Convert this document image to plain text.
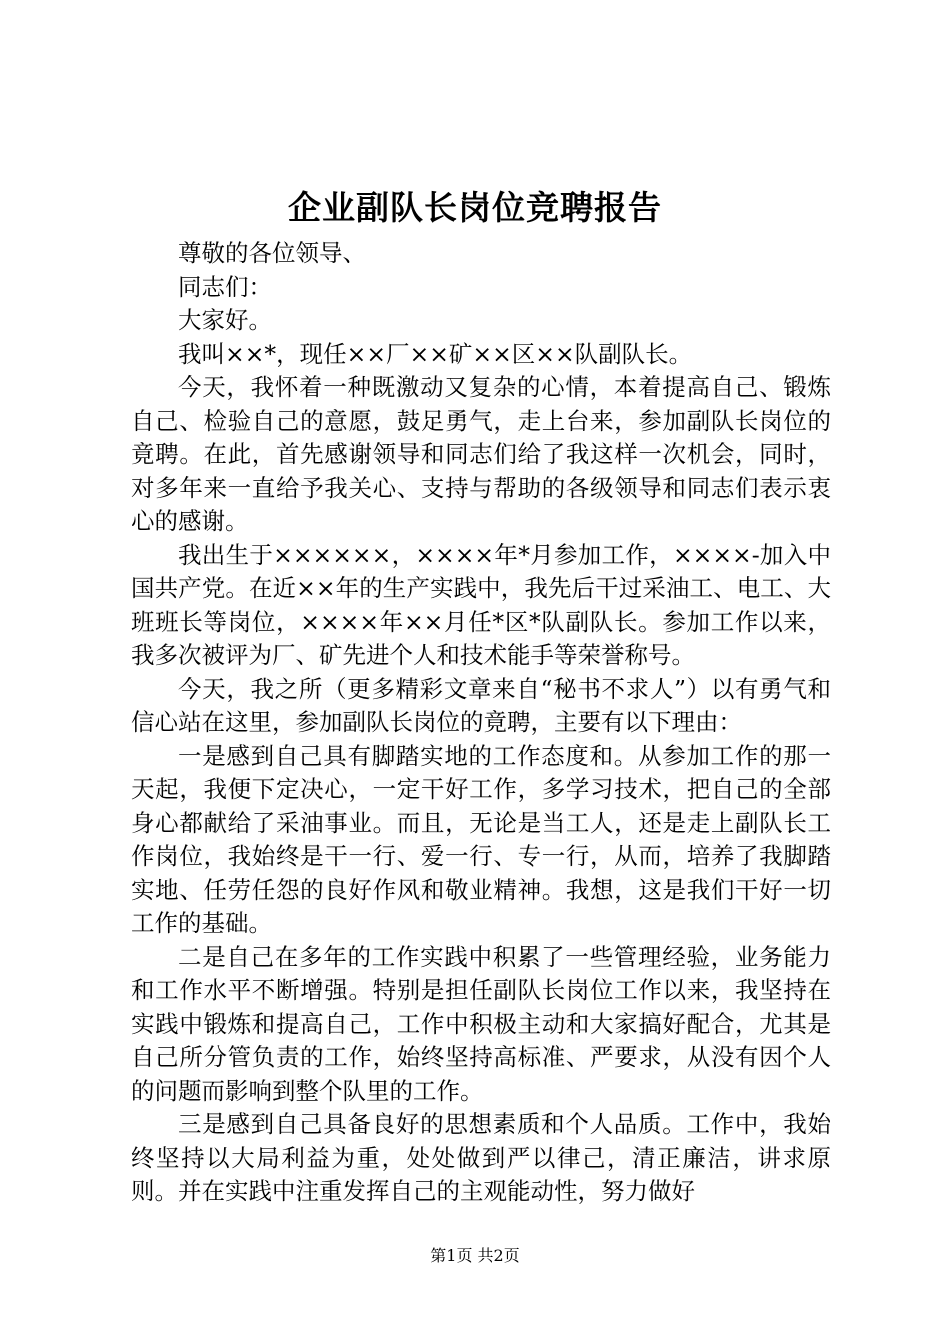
企业副队长岗位竞聘报告

尊敬的各位领导、

同志们：

大家好。

我叫××*，现任××厂××矿××区××队副队长。

今天，我怀着一种既激动又复杂的心情，本着提高自己、锻炼自己、检验自己的意愿，鼓足勇气，走上台来，参加副队长岗位的竟聘。在此，首先感谢领导和同志们给了我这样一次机会，同时，对多年来一直给予我关心、支持与帮助的各级领导和同志们表示衷心的感谢。

我出生于××××××，××××年*月参加工作，××××-加入中国共产党。在近××年的生产实践中，我先后干过采油工、电工、大班班长等岗位，××××年××月任*区*队副队长。参加工作以来，我多次被评为厂、矿先进个人和技术能手等荣誉称号。

今天，我之所（更多精彩文章来自“秘书不求人”）以有勇气和信心站在这里，参加副队长岗位的竟聘，主要有以下理由：

一是感到自己具有脚踏实地的工作态度和。从参加工作的那一天起，我便下定决心，一定干好工作，多学习技术，把自己的全部身心都献给了采油事业。而且，无论是当工人，还是走上副队长工作岗位，我始终是干一行、爱一行、专一行，从而，培养了我脚踏实地、任劳任怨的良好作风和敬业精神。我想，这是我们干好一切工作的基础。

二是自己在多年的工作实践中积累了一些管理经验，业务能力和工作水平不断增强。特别是担任副队长岗位工作以来，我坚持在实践中锻炼和提高自己，工作中积极主动和大家搞好配合，尤其是自己所分管负责的工作，始终坚持高标准、严要求，从没有因个人的问题而影响到整个队里的工作。

三是感到自己具备良好的思想素质和个人品质。工作中，我始终坚持以大局利益为重，处处做到严以律己，清正廉洁，讲求原则。并在实践中注重发挥自己的主观能动性，努力做好

第1页 共2页
